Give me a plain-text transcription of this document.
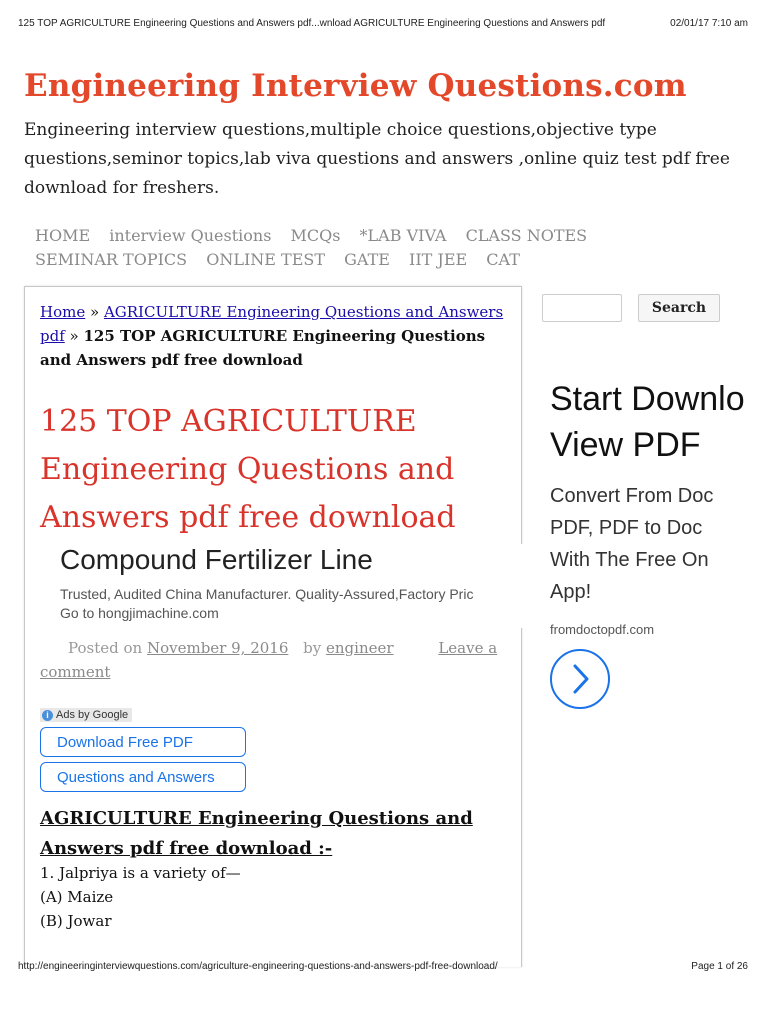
125 TOP AGRICULTURE Engineering Questions and Answers pdf...wnload AGRICULTURE Engineering Questions and Answers pdf	02/01/17 7:10 am
Engineering Interview Questions.com
Engineering interview questions,multiple choice questions,objective type questions,seminor topics,lab viva questions and answers ,online quiz test pdf free download for freshers.
HOME interview Questions MCQs *LAB VIVA CLASS NOTES
SEMINAR TOPICS ONLINE TEST GATE IIT JEE CAT
Home » AGRICULTURE Engineering Questions and Answers pdf » 125 TOP AGRICULTURE Engineering Questions and Answers pdf free download
125 TOP AGRICULTURE Engineering Questions and Answers pdf free download
Compound Fertilizer Line
Trusted, Audited China Manufacturer. Quality-Assured,Factory Pric
Go to hongjimachine.com
Posted on November 9, 2016 by engineer	Leave a comment
i Ads by Google
Download Free PDF
Questions and Answers
AGRICULTURE Engineering Questions and Answers pdf free download :-
1. Jalpriya is a variety of—
(A) Maize
(B) Jowar
Search
Start Downlo
View PDF
Convert From Doc
PDF, PDF to Doc
With The Free On
App!
fromdoctopdf.com
http://engineeringinterviewquestions.com/agriculture-engineering-questions-and-answers-pdf-free-download/	Page 1 of 26
